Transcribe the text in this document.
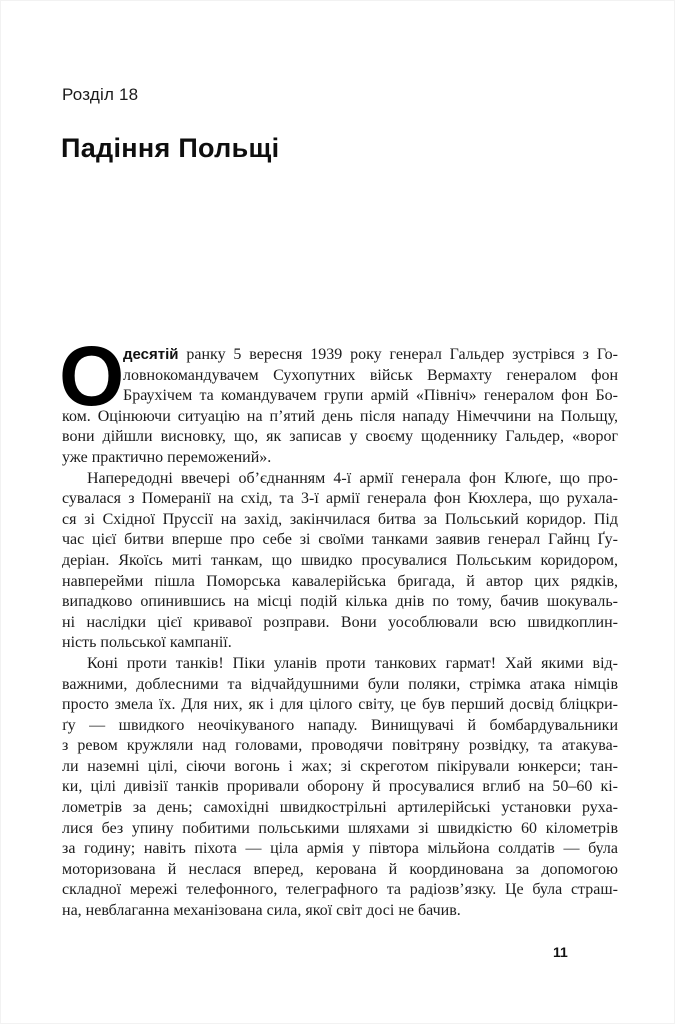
Розділ 18
Падіння Польщі
О
десятій ранку 5 вересня 1939 року генерал Гальдер зустрівся з Го-
ловнокомандувачем Сухопутних військ Вермахту генералом фон
Браухічем та командувачем групи армій «Північ» генералом фон Бо-
ком. Оцінюючи ситуацію на п’ятий день після нападу Німеччини на Польщу,
вони дійшли висновку, що, як записав у своєму щоденнику Гальдер, «ворог
уже практично переможений».
Напередодні ввечері об’єднанням 4-ї армії генерала фон Клюґе, що про-
сувалася з Померанії на схід, та 3-ї армії генерала фон Кюхлера, що рухала-
ся зі Східної Пруссії на захід, закінчилася битва за Польський коридор. Під
час цієї битви вперше про себе зі своїми танками заявив генерал Гайнц Ґу-
деріан. Якоїсь миті танкам, що швидко просувалися Польським коридором,
навперейми пішла Поморська кавалерійська бригада, й автор цих рядків,
випадково опинившись на місці подій кілька днів по тому, бачив шокуваль-
ні наслідки цієї кривавої розправи. Вони уособлювали всю швидкоплин-
ність польської кампанії.
Коні проти танків! Піки уланів проти танкових гармат! Хай якими від-
важними, доблесними та відчайдушними були поляки, стрімка атака німців
просто змела їх. Для них, як і для цілого світу, це був перший досвід бліцкри-
ґу — швидкого неочікуваного нападу. Винищувачі й бомбардувальники
з ревом кружляли над головами, проводячи повітряну розвідку, та атакува-
ли наземні цілі, сіючи вогонь і жах; зі скреготом пікірували юнкерси; тан-
ки, цілі дивізії танків проривали оборону й просувалися вглиб на 50–60 кі-
лометрів за день; самохідні швидкострільні артилерійські установки руха-
лися без упину побитими польськими шляхами зі швидкістю 60 кілометрів
за годину; навіть піхота — ціла армія у півтора мільйона солдатів — була
моторизована й неслася вперед, керована й координована за допомогою
складної мережі телефонного, телеграфного та радіозв’язку. Це була страш-
на, невблаганна механізована сила, якої світ досі не бачив.
11
